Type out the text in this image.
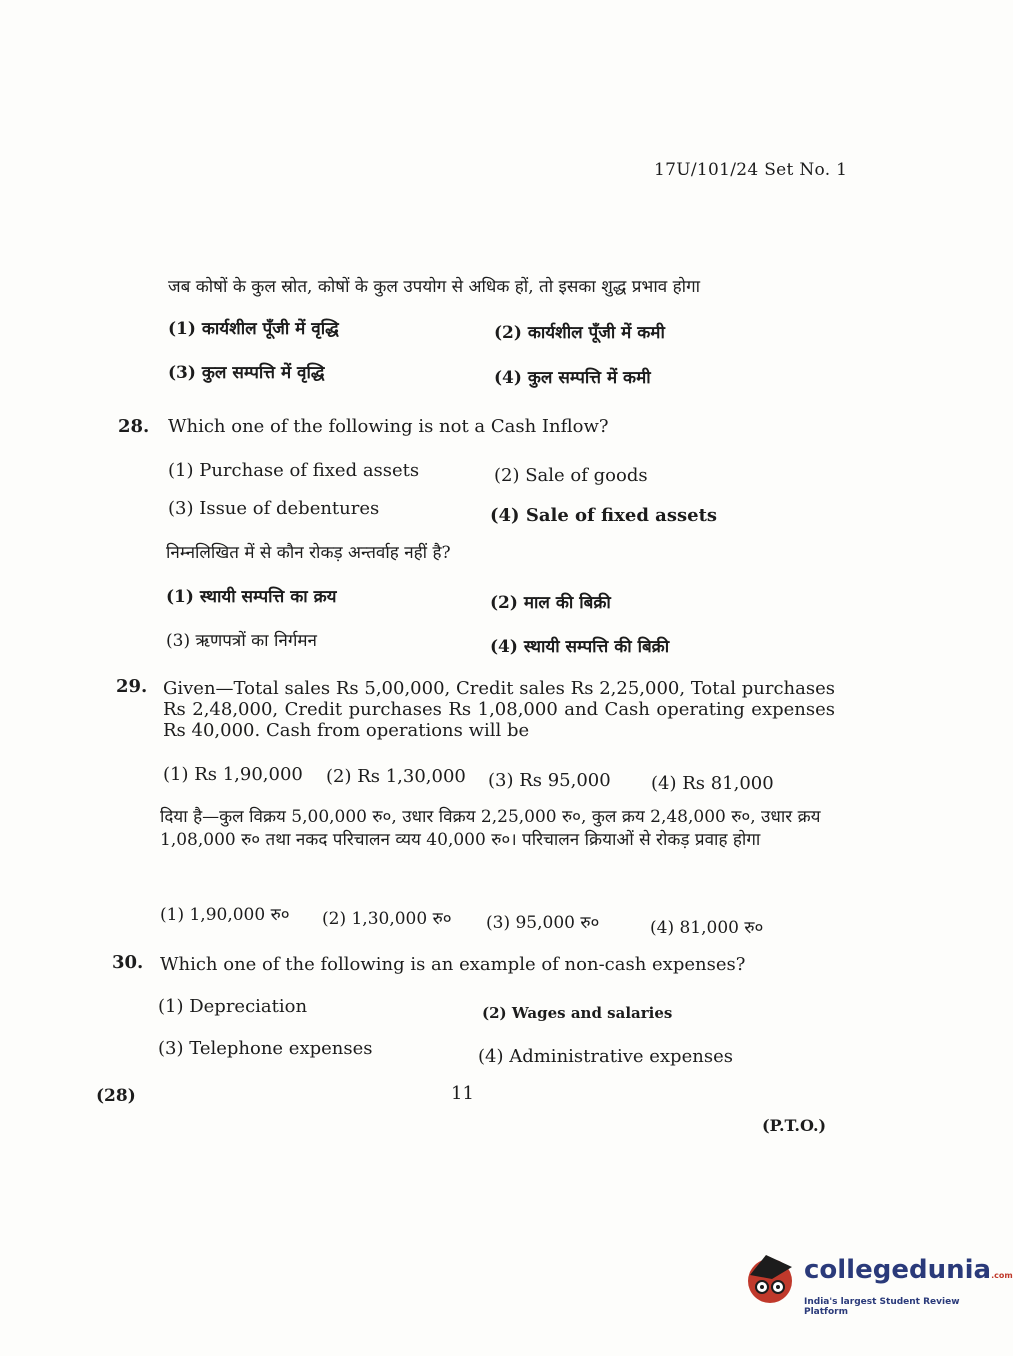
17U/101/24 Set No. 1
जब कोषों के कुल स्रोत, कोषों के कुल उपयोग से अधिक हों, तो इसका शुद्ध प्रभाव होगा
(1) कार्यशील पूँजी में वृद्धि	(2) कार्यशील पूँजी में कमी
(3) कुल सम्पत्ति में वृद्धि	(4) कुल सम्पत्ति में कमी
28. Which one of the following is not a Cash Inflow?
(1) Purchase of fixed assets	(2) Sale of goods
(3) Issue of debentures	(4) Sale of fixed assets
निम्नलिखित में से कौन रोकड़ अन्तर्वाह नहीं है?
(1) स्थायी सम्पत्ति का क्रय	(2) माल की बिक्री
(3) ऋणपत्रों का निर्गमन	(4) स्थायी सम्पत्ति की बिक्री
29. Given—Total sales Rs 5,00,000, Credit sales Rs 2,25,000, Total purchases Rs 2,48,000, Credit purchases Rs 1,08,000 and Cash operating expenses Rs 40,000. Cash from operations will be
(1) Rs 1,90,000 (2) Rs 1,30,000 (3) Rs 95,000 (4) Rs 81,000
दिया है—कुल विक्रय 5,00,000 रु०, उधार विक्रय 2,25,000 रु०, कुल क्रय 2,48,000 रु०, उधार क्रय 1,08,000 रु० तथा नकद परिचालन व्यय 40,000 रु०। परिचालन क्रियाओं से रोकड़ प्रवाह होगा
(1) 1,90,000 रु० (2) 1,30,000 रु० (3) 95,000 रु०	(4) 81,000 रु०
30. Which one of the following is an example of non-cash expenses?
(1) Depreciation	(2) Wages and salaries
(3) Telephone expenses	(4) Administrative expenses
(28)	11
(P.T.O.)
collegedunia.com
India's largest Student Review Platform
